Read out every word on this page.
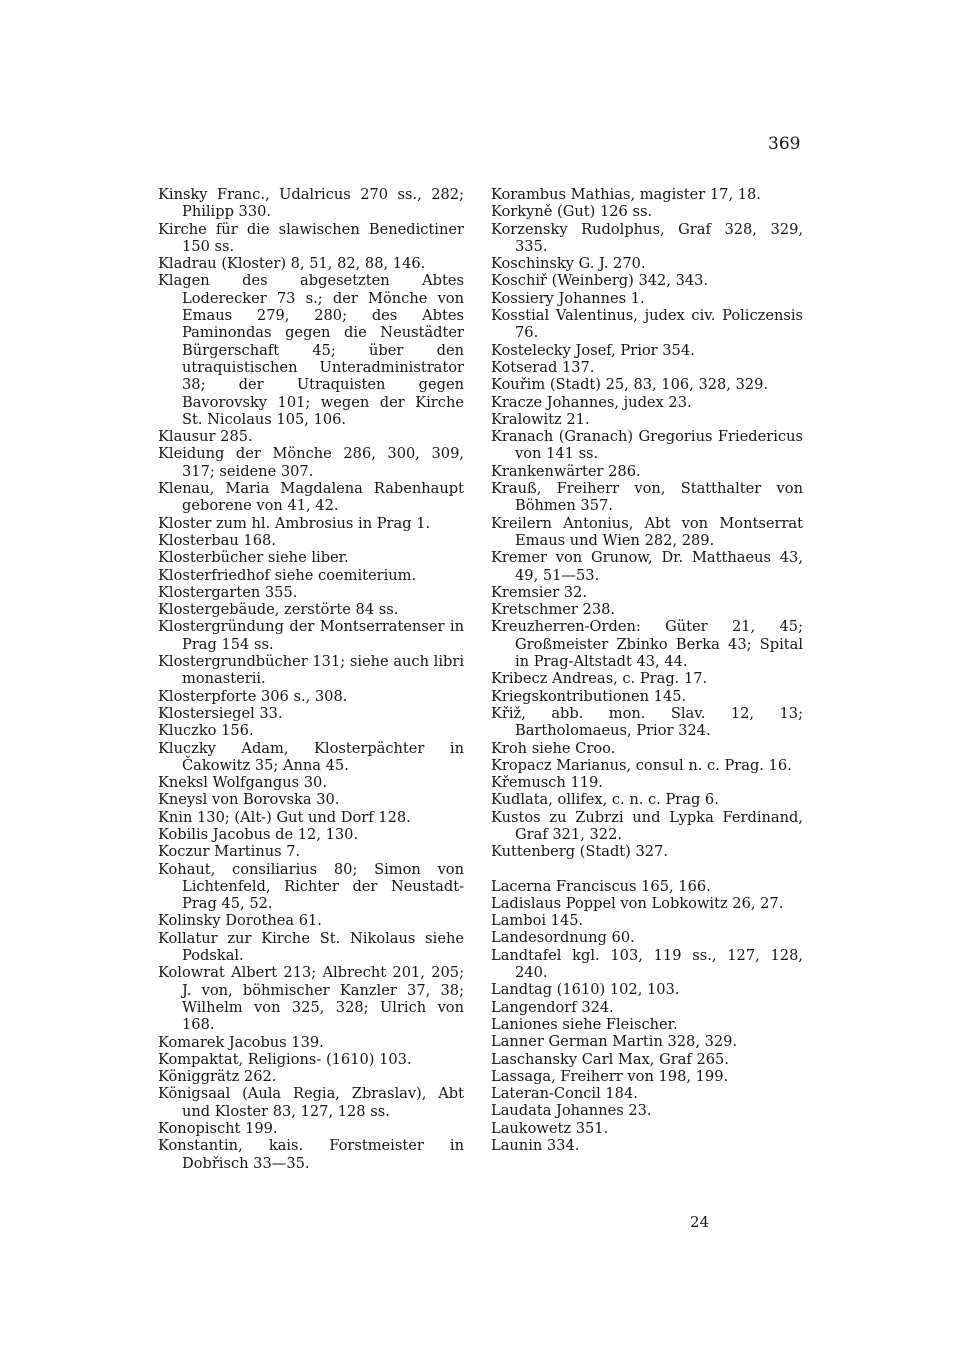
369

Kinsky Franc., Udalricus 270 ss., 282; Philipp 330.

Kirche für die slawischen Benedictiner 150 ss.

Kladrau (Kloster) 8, 51, 82, 88, 146.

Klagen des abgesetzten Abtes Loderecker 73 s.; der Mönche von Emaus 279, 280; des Abtes Paminondas gegen die Neustädter Bürgerschaft 45; über den utraquistischen Unteradministrator 38; der Utraquisten gegen Bavorovsky 101; wegen der Kirche St. Nicolaus 105, 106.

Klausur 285.

Kleidung der Mönche 286, 300, 309, 317; seidene 307.

Klenau, Maria Magdalena Rabenhaupt geborene von 41, 42.

Kloster zum hl. Ambrosius in Prag 1.

Klosterbau 168.

Klosterbücher siehe liber.

Klosterfriedhof siehe coemiterium.

Klostergarten 355.

Klostergebäude, zerstörte 84 ss.

Klostergründung der Montserratenser in Prag 154 ss.

Klostergrundbücher 131; siehe auch libri monasterii.

Klosterpforte 306 s., 308.

Klostersiegel 33.

Kluczko 156.

Kluczky Adam, Klosterpächter in Čakowitz 35; Anna 45.

Kneksl Wolfgangus 30.

Kneysl von Borovska 30.

Knin 130; (Alt-) Gut und Dorf 128.

Kobilis Jacobus de 12, 130.

Koczur Martinus 7.

Kohaut, consiliarius 80; Simon von Lichtenfeld, Richter der Neustadt-Prag 45, 52.

Kolinsky Dorothea 61.

Kollatur zur Kirche St. Nikolaus siehe Podskal.

Kolowrat Albert 213; Albrecht 201, 205; J. von, böhmischer Kanzler 37, 38; Wilhelm von 325, 328; Ulrich von 168.

Komarek Jacobus 139.

Kompaktat, Religions- (1610) 103.

Königgrätz 262.

Königsaal (Aula Regia, Zbraslav), Abt und Kloster 83, 127, 128 ss.

Konopischt 199.

Konstantin, kais. Forstmeister in Dobřisch 33—35.

Korambus Mathias, magister 17, 18.

Korkyně (Gut) 126 ss.

Korzensky Rudolphus, Graf 328, 329, 335.

Koschinsky G. J. 270.

Koschiř (Weinberg) 342, 343.

Kossiery Johannes 1.

Kosstial Valentinus, judex civ. Policzensis 76.

Kostelecky Josef, Prior 354.

Kotserad 137.

Kouřim (Stadt) 25, 83, 106, 328, 329.

Kracze Johannes, judex 23.

Kralowitz 21.

Kranach (Granach) Gregorius Friedericus von 141 ss.

Krankenwärter 286.

Krauß, Freiherr von, Statthalter von Böhmen 357.

Kreilern Antonius, Abt von Montserrat Emaus und Wien 282, 289.

Kremer von Grunow, Dr. Matthaeus 43, 49, 51—53.

Kremsier 32.

Kretschmer 238.

Kreuzherren-Orden: Güter 21, 45; Großmeister Zbinko Berka 43; Spital in Prag-Altstadt 43, 44.

Kribecz Andreas, c. Prag. 17.

Kriegskontributionen 145.

Křiž, abb. mon. Slav. 12, 13; Bartholomaeus, Prior 324.

Kroh siehe Croo.

Kropacz Marianus, consul n. c. Prag. 16.

Křemusch 119.

Kudlata, ollifex, c. n. c. Prag 6.

Kustos zu Zubrzi und Lypka Ferdinand, Graf 321, 322.

Kuttenberg (Stadt) 327.

Lacerna Franciscus 165, 166.

Ladislaus Poppel von Lobkowitz 26, 27.

Lamboi 145.

Landesordnung 60.

Landtafel kgl. 103, 119 ss., 127, 128, 240.

Landtag (1610) 102, 103.

Langendorf 324.

Laniones siehe Fleischer.

Lanner German Martin 328, 329.

Laschansky Carl Max, Graf 265.

Lassaga, Freiherr von 198, 199.

Lateran-Concil 184.

Laudata Johannes 23.

Laukowetz 351.

Launin 334.

24
